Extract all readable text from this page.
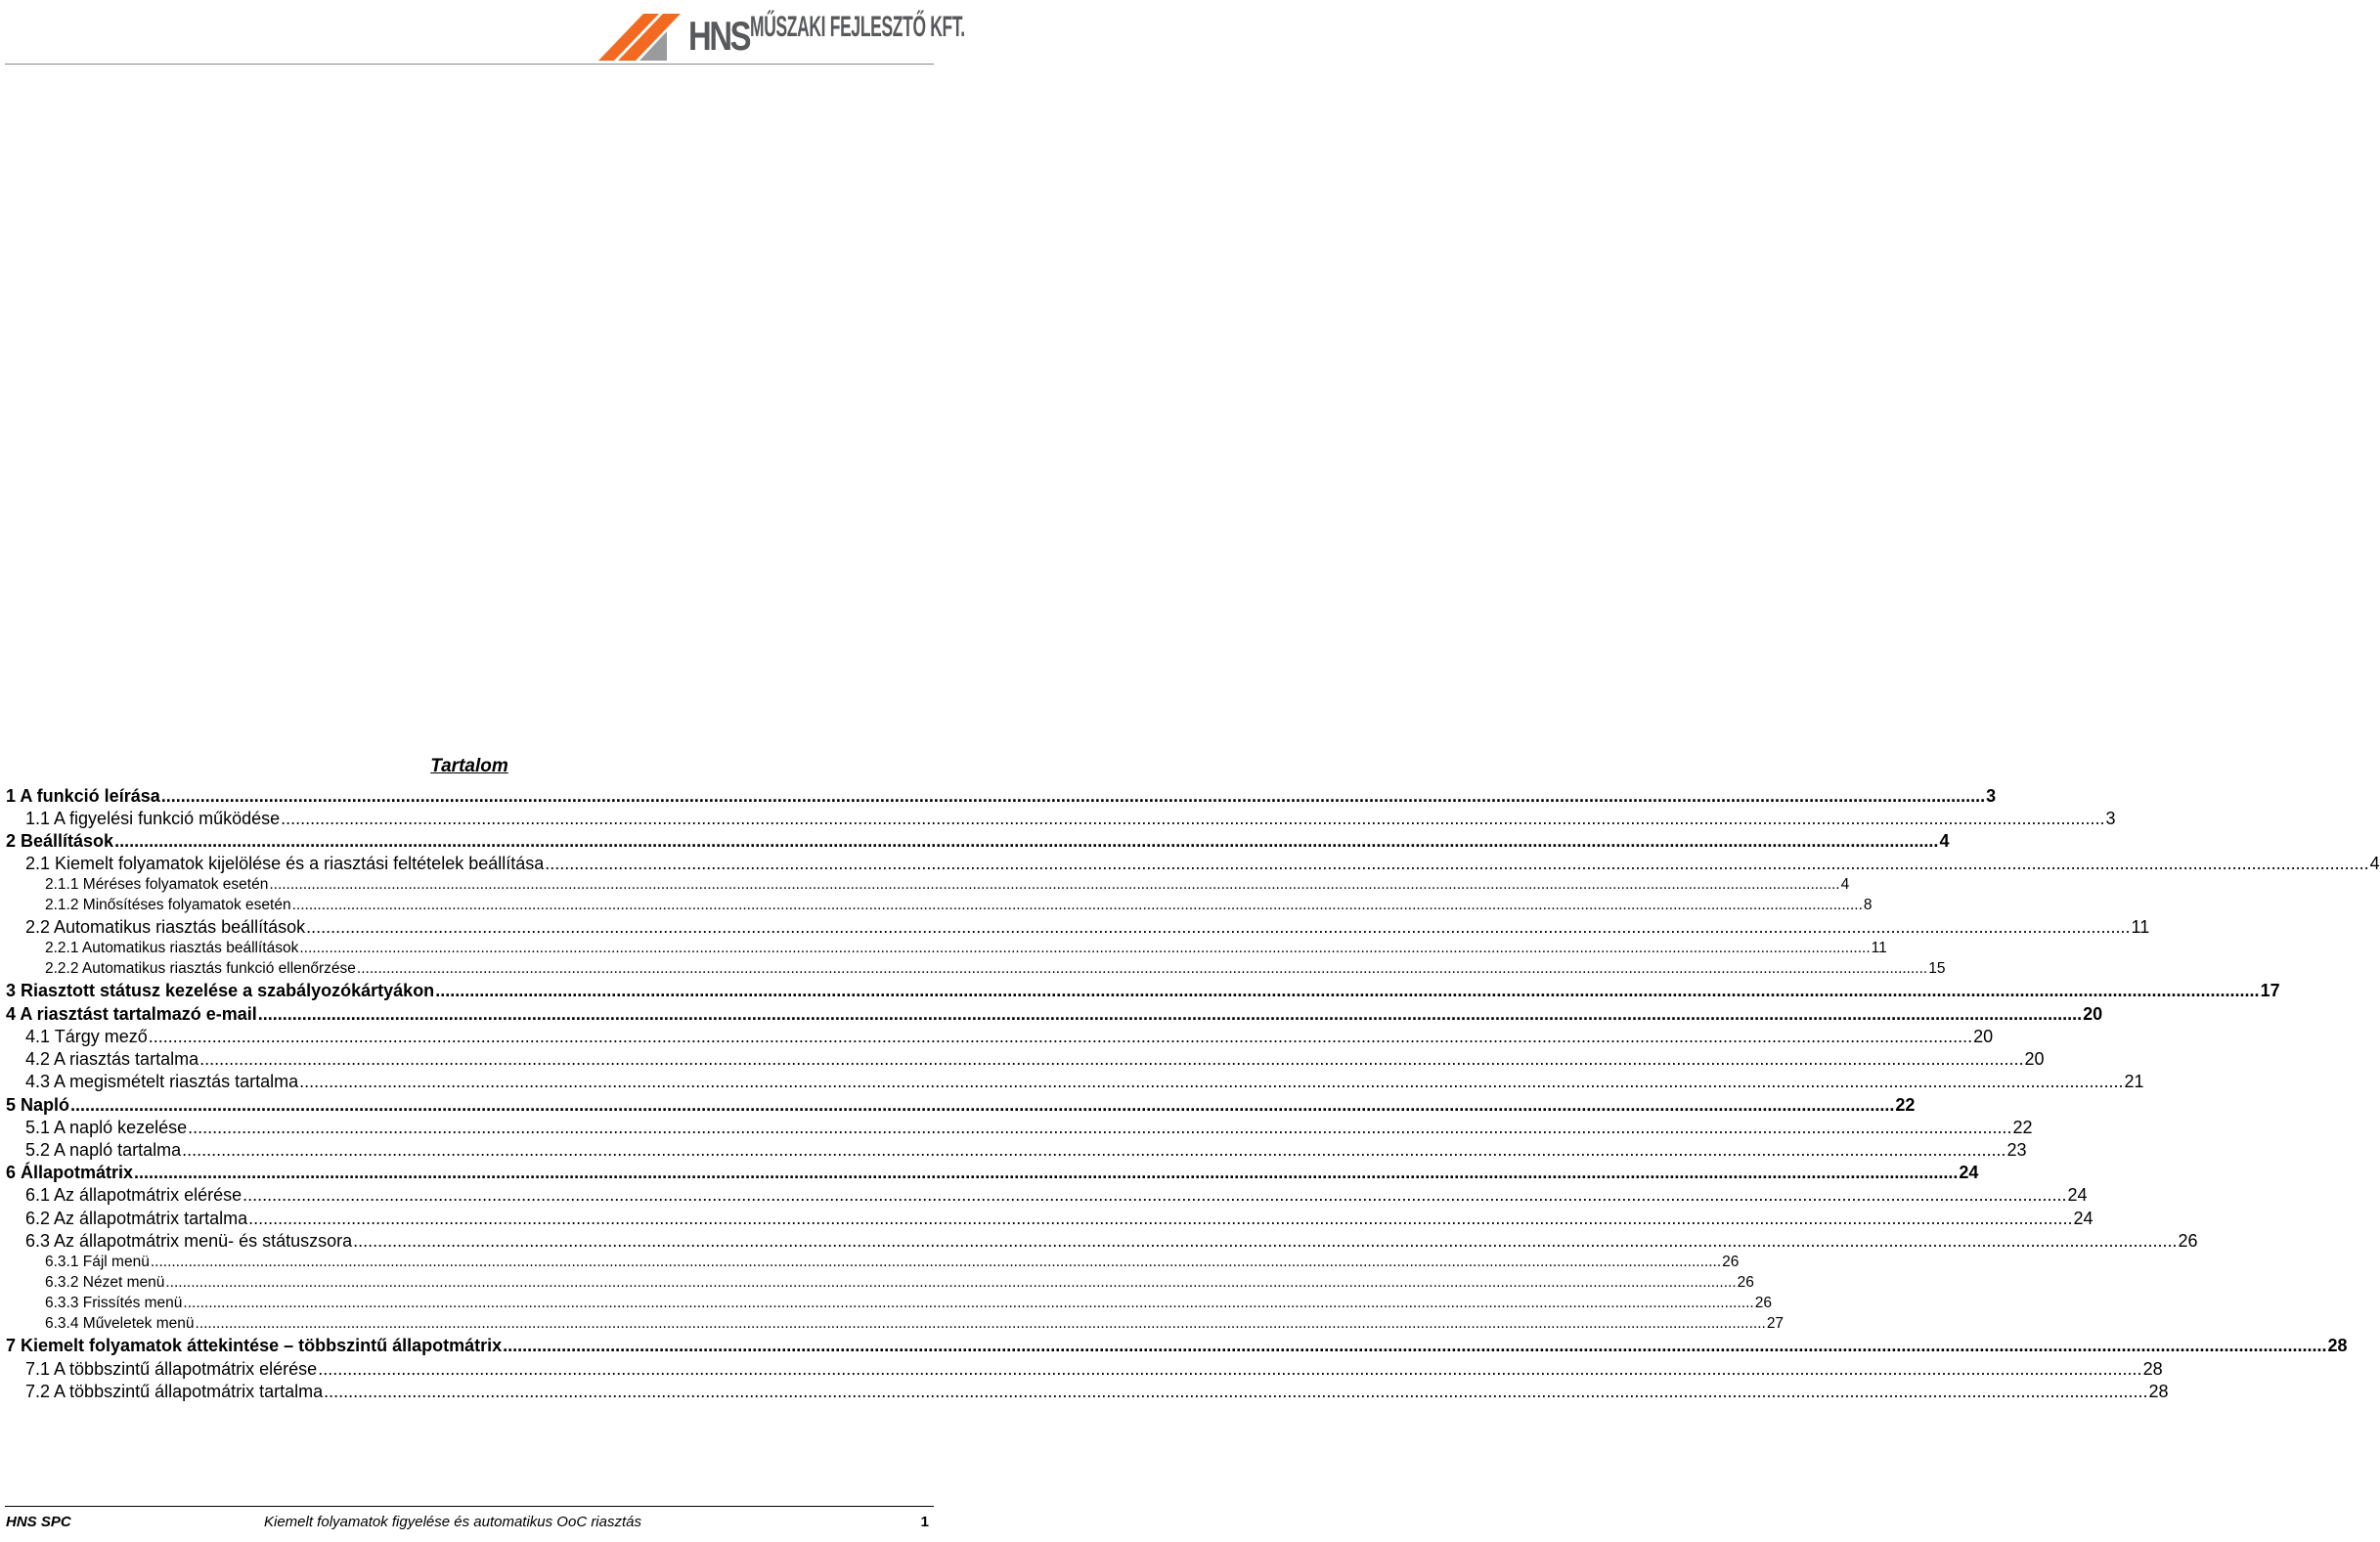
HNS MŰSZAKI FEJLESZTŐ KFT.
Tartalom
1 A funkció leírása .....	3
1.1 A figyelési funkció működése .....	3
2 Beállítások .....	4
2.1 Kiemelt folyamatok kijelölése és a riasztási feltételek beállítása .....	4
2.1.1 Méréses folyamatok esetén .....	4
2.1.2 Minősítéses folyamatok esetén .....	8
2.2 Automatikus riasztás beállítások .....	11
2.2.1 Automatikus riasztás beállítások .....	11
2.2.2 Automatikus riasztás funkció ellenőrzése .....	15
3 Riasztott státusz kezelése a szabályozókártyákon .....	17
4 A riasztást tartalmazó e-mail .....	20
4.1 Tárgy mező .....	20
4.2 A riasztás tartalma .....	20
4.3 A megismételt riasztás tartalma .....	21
5 Napló .....	22
5.1 A napló kezelése .....	22
5.2 A napló tartalma .....	23
6 Állapotmátrix .....	24
6.1 Az állapotmátrix elérése .....	24
6.2 Az állapotmátrix tartalma .....	24
6.3 Az állapotmátrix menü- és státuszsora .....	26
6.3.1 Fájl menü .....	26
6.3.2 Nézet menü .....	26
6.3.3 Frissítés menü .....	26
6.3.4 Műveletek menü .....	27
7 Kiemelt folyamatok áttekintése – többszintű állapotmátrix .....	28
7.1 A többszintű állapotmátrix elérése .....	28
7.2 A többszintű állapotmátrix tartalma .....	28
HNS SPC	Kiemelt folyamatok figyelése és automatikus OoC riasztás	1
